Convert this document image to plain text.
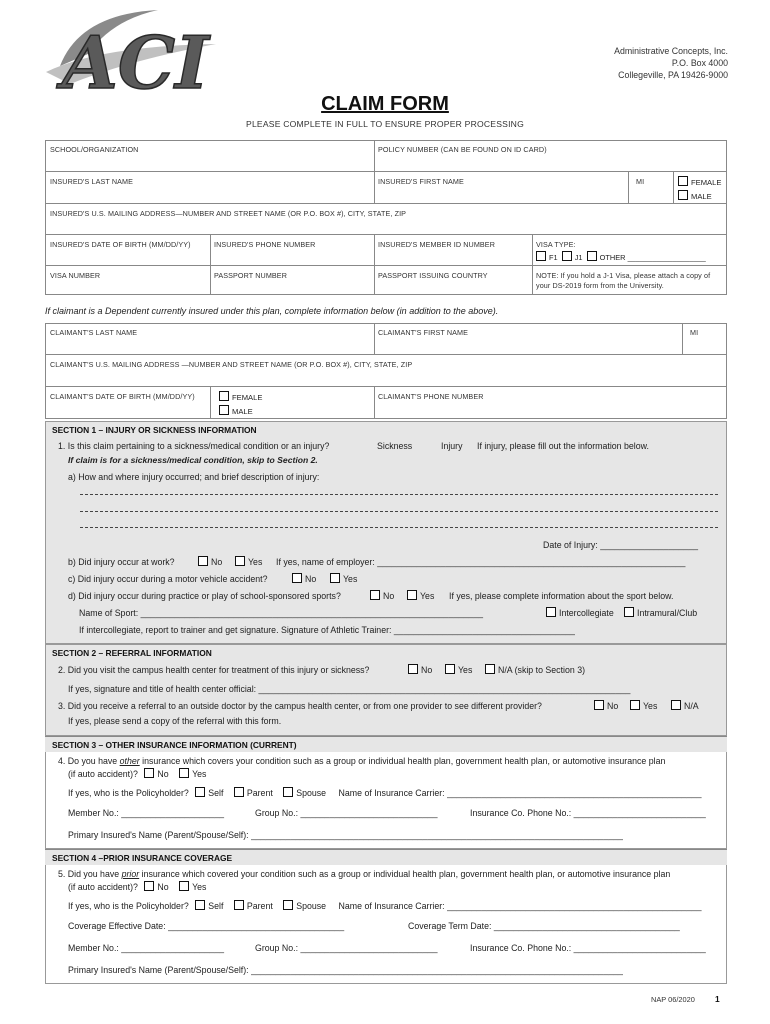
ACI	Administrative Concepts, Inc.
P.O. Box 4000
Collegeville, PA 19426-9000
CLAIM FORM
PLEASE COMPLETE IN FULL TO ENSURE PROPER PROCESSING
SCHOOL/ORGANIZATION	POLICY NUMBER (CAN BE FOUND ON ID CARD)
INSURED'S LAST NAME	INSURED'S FIRST NAME	MI	FEMALE
MALE
INSURED'S U.S. MAILING ADDRESS—NUMBER AND STREET NAME (OR P.O. BOX #), CITY, STATE, ZIP
INSURED'S DATE OF BIRTH (MM/DD/YY)	INSURED'S PHONE NUMBER	INSURED'S MEMBER ID NUMBER	VISA TYPE:
F1 J1 OTHER ___________________
VISA NUMBER	PASSPORT NUMBER	PASSPORT ISSUING COUNTRY	NOTE: If you hold a J-1 Visa, please attach a copy of your DS-2019 form from the University.
If claimant is a Dependent currently insured under this plan, complete information below (in addition to the above).
CLAIMANT'S LAST NAME	CLAIMANT'S FIRST NAME	MI
CLAIMANT'S U.S. MAILING ADDRESS —NUMBER AND STREET NAME (OR P.O. BOX #), CITY, STATE, ZIP
CLAIMANT'S DATE OF BIRTH (MM/DD/YY)	FEMALE
MALE
CLAIMANT'S PHONE NUMBER
SECTION 1 – INJURY OR SICKNESS INFORMATION
1. Is this claim pertaining to a sickness/medical condition or an injury?	Sickness	Injury If injury, please fill out the information below.
If claim is for a sickness/medical condition, skip to Section 2.
a) How and where injury occurred; and brief description of injury:
Date of Injury: ____________________
b) Did injury occur at work?	No	Yes If yes, name of employer: _______________________________________________________________
c) Did injury occur during a motor vehicle accident?	No	Yes
d) Did injury occur during practice or play of school-sponsored sports?	No	Yes If yes, please complete information about the sport below.
Name of Sport: ______________________________________________________________________	Intercollegiate	Intramural/Club
If intercollegiate, report to trainer and get signature. Signature of Athletic Trainer: _____________________________________
SECTION 2 – REFERRAL INFORMATION
2. Did you visit the campus health center for treatment of this injury or sickness?	No	Yes	N/A (skip to Section 3)
If yes, signature and title of health center official: ____________________________________________________________________________
3. Did you receive a referral to an outside doctor by the campus health center, or from one provider to see different provider?	No	Yes	N/A
If yes, please send a copy of the referral with this form.
SECTION 3 – OTHER INSURANCE INFORMATION (CURRENT)
4. Do you have other insurance which covers your condition such as a group or individual health plan, government health plan, or automotive insurance plan
(if auto accident)? No	Yes
If yes, who is the Policyholder? Self	Parent	Spouse Name of Insurance Carrier: ____________________________________________________
Member No.: _____________________	Group No.: ____________________________	Insurance Co. Phone No.: ___________________________
Primary Insured's Name (Parent/Spouse/Self): ____________________________________________________________________________
SECTION 4 –PRIOR INSURANCE COVERAGE
5. Did you have prior insurance which covered your condition such as a group or individual health plan, government health plan, or automotive insurance plan
(if auto accident)? No	Yes
If yes, who is the Policyholder? Self	Parent	Spouse Name of Insurance Carrier: ____________________________________________________
Coverage Effective Date: ____________________________________	Coverage Term Date: ______________________________________
Member No.: _____________________	Group No.: ____________________________	Insurance Co. Phone No.: ___________________________
Primary Insured's Name (Parent/Spouse/Self): ____________________________________________________________________________
NAP 06/2020 1
